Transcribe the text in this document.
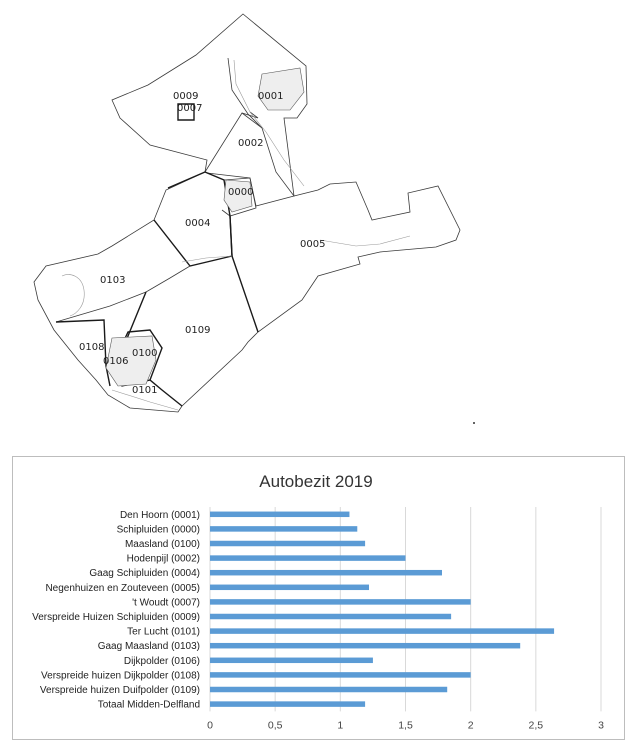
0001
0002
0000
0009
0007
0004
0005
0103
0109
0108
0106
0100
0101
Autobezit 2019
Den Hoorn (0001)
Schipluiden (0000)
Maasland (0100)
Hodenpijl (0002)
Gaag Schipluiden (0004)
Negenhuizen en Zouteveen (0005)
't Woudt (0007)
Verspreide Huizen Schipluiden (0009)
Ter Lucht (0101)
Gaag Maasland (0103)
Dijkpolder (0106)
Verspreide huizen Dijkpolder (0108)
Verspreide huizen Duifpolder (0109)
Totaal Midden-Delfland
0	0,5	1	1,5	2	2,5	3
